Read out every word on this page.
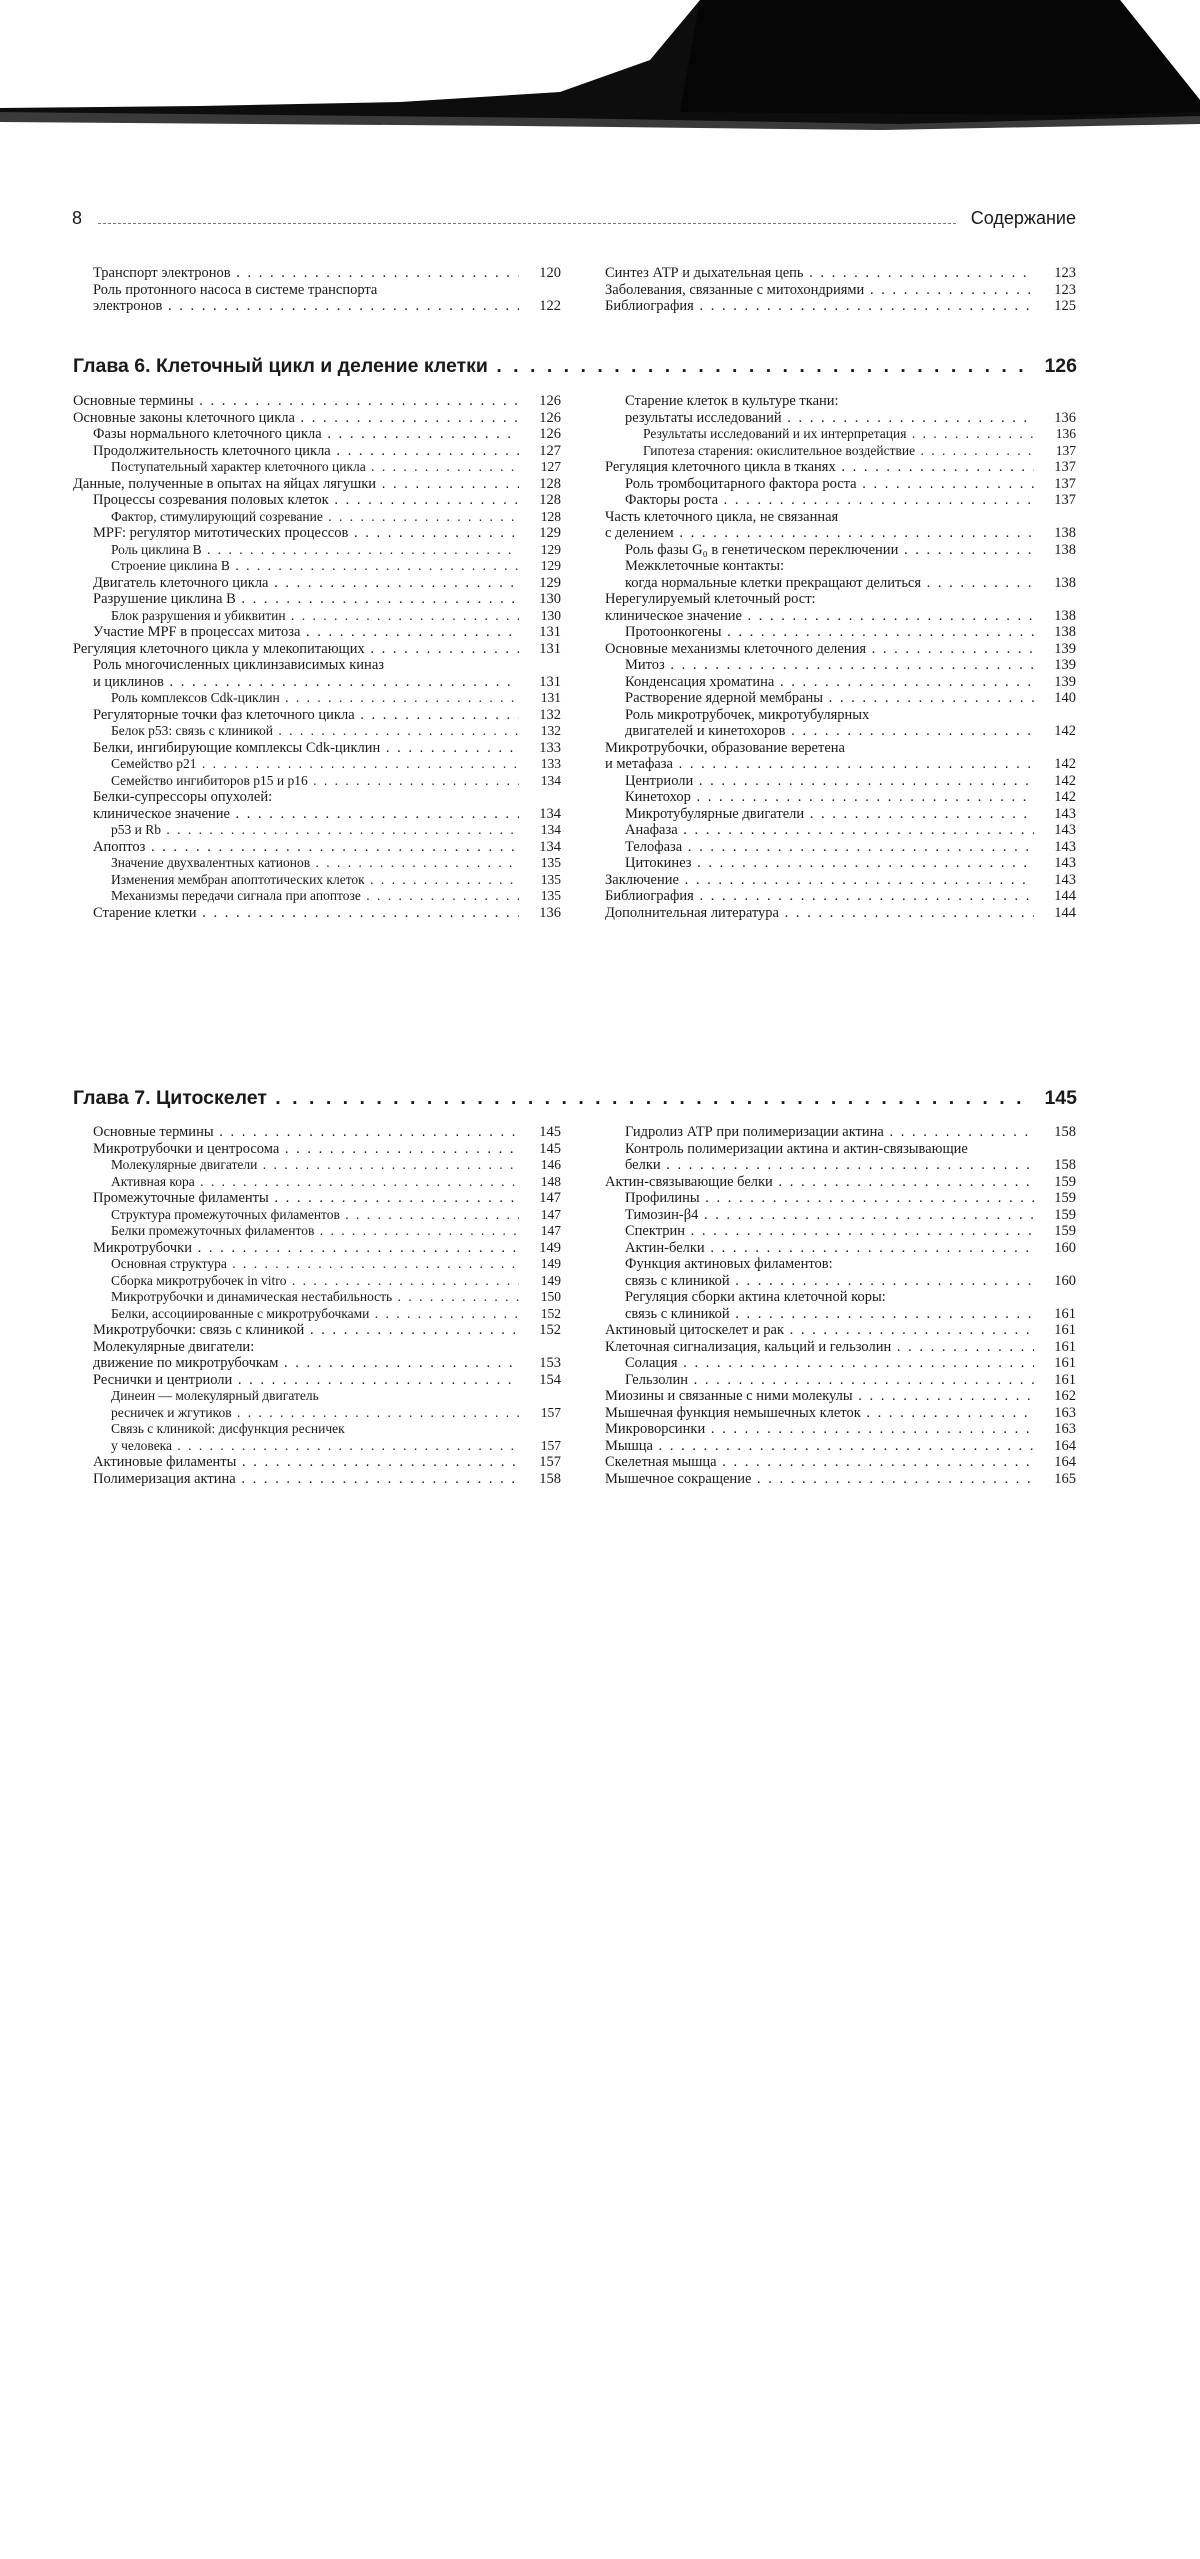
8	Содержание
Транспорт электронов . . .	120
Роль протонного насоса в системе транспорта
электронов . . .	122
Синтез АТР и дыхательная цепь . . .	123
Заболевания, связанные с митохондриями . . .	123
Библиография . . .	125
Глава 6. Клеточный цикл и деление клетки . . .	126
Основные термины . . .	126
Основные законы клеточного цикла . . .	126
Фазы нормального клеточного цикла . . .	126
Продолжительность клеточного цикла . . .	127
Поступательный характер клеточного цикла . . .	127
Данные, полученные в опытах на яйцах лягушки . . .	128
Процессы созревания половых клеток . . .	128
Фактор, стимулирующий созревание . . .	128
MPF: регулятор митотических процессов . . .	129
Роль циклина В . . .	129
Строение циклина В . . .	129
Двигатель клеточного цикла . . .	129
Разрушение циклина В . . .	130
Блок разрушения и убиквитин . . .	130
Участие MPF в процессах митоза . . .	131
Регуляция клеточного цикла у млекопитающих . . .	131
Роль многочисленных циклинзависимых киназ
и циклинов . . .	131
Роль комплексов Cdk-циклин . . .	131
Регуляторные точки фаз клеточного цикла . . .	132
Белок р53: связь с клиникой . . .	132
Белки, ингибирующие комплексы Cdk-циклин . . .	133
Семейство р21 . . .	133
Семейство ингибиторов р15 и р16 . . .	134
Белки-супрессоры опухолей:
клиническое значение . . .	134
р53 и Rb . . .	134
Апоптоз . . .	134
Значение двухвалентных катионов . . .	135
Изменения мембран апоптотических клеток . . .	135
Механизмы передачи сигнала при апоптозе . . .	135
Старение клетки . . .	136
Старение клеток в культуре ткани:
результаты исследований . . .	136
Результаты исследований и их интерпретация . . .	136
Гипотеза старения: окислительное воздействие . . .	137
Регуляция клеточного цикла в тканях . . .	137
Роль тромбоцитарного фактора роста . . .	137
Факторы роста . . .	137
Часть клеточного цикла, не связанная
с делением . . .	138
Роль фазы G₀ в генетическом переключении . . .	138
Межклеточные контакты:
когда нормальные клетки прекращают делиться . . .	138
Нерегулируемый клеточный рост:
клиническое значение . . .	138
Протоонкогены . . .	138
Основные механизмы клеточного деления . . .	139
Митоз . . .	139
Конденсация хроматина . . .	139
Растворение ядерной мембраны . . .	140
Роль микротрубочек, микротубулярных
двигателей и кинетохоров . . .	142
Микротрубочки, образование веретена
и метафаза . . .	142
Центриоли . . .	142
Кинетохор . . .	142
Микротубулярные двигатели . . .	143
Анафаза . . .	143
Телофаза . . .	143
Цитокинез . . .	143
Заключение . . .	143
Библиография . . .	144
Дополнительная литература . . .	144
Глава 7. Цитоскелет . . .	145
Основные термины . . .	145
Микротрубочки и центросома . . .	145
Молекулярные двигатели . . .	146
Активная кора . . .	148
Промежуточные филаменты . . .	147
Структура промежуточных филаментов . . .	147
Белки промежуточных филаментов . . .	147
Микротрубочки . . .	149
Основная структура . . .	149
Сборка микротрубочек in vitro . . .	149
Микротрубочки и динамическая нестабильность . . .	150
Белки, ассоциированные с микротрубочками . . .	152
Микротрубочки: связь с клиникой . . .	152
Молекулярные двигатели:
движение по микротрубочкам . . .	153
Реснички и центриоли . . .	154
Динеин — молекулярный двигатель
ресничек и жгутиков . . .	157
Связь с клиникой: дисфункция ресничек
у человека . . .	157
Актиновые филаменты . . .	157
Полимеризация актина . . .	158
Гидролиз АТР при полимеризации актина . . .	158
Контроль полимеризации актина и актин-связывающие
белки . . .	158
Актин-связывающие белки . . .	159
Профилины . . .	159
Тимозин-β4 . . .	159
Спектрин . . .	159
Актин-белки . . .	160
Функция актиновых филаментов:
связь с клиникой . . .	160
Регуляция сборки актина клеточной коры:
связь с клиникой . . .	161
Актиновый цитоскелет и рак . . .	161
Клеточная сигнализация, кальций и гельзолин . . .	161
Солация . . .	161
Гельзолин . . .	161
Миозины и связанные с ними молекулы . . .	162
Мышечная функция немышечных клеток . . .	163
Микроворсинки . . .	163
Мышца . . .	164
Скелетная мышца . . .	164
Мышечное сокращение . . .	165
